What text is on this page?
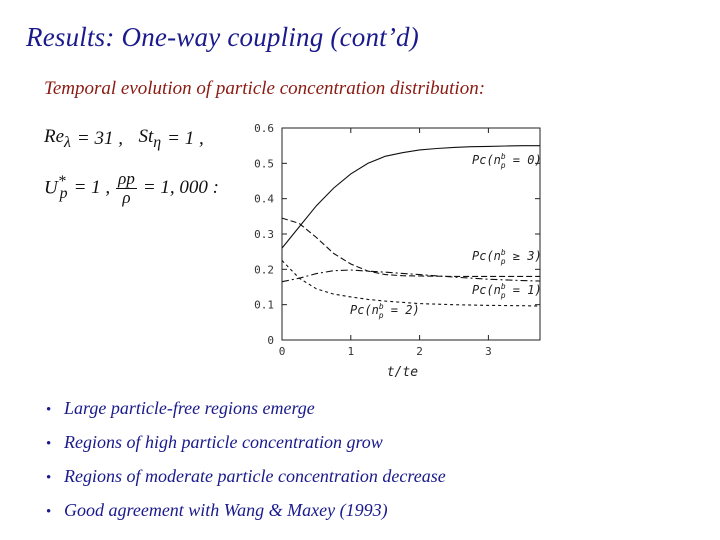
Results: One-way coupling (cont’d)

Temporal evolution of particle concentration distribution:

$Re_\lambda = 31$ , $St_\eta = 1$ ,
$U^*_p = 1$ , $\frac{\rho p}{\rho} = 1$, 000 :
0
0.1
0.2
0.3
0.4
0.5
0.6
0	1	2	3
t/te
$Pc(n^b$ p = 0)
$Pc(n^b$ p ≥ 3)
$Pc(n^b$ p = 1)
$Pc(n^b$ p = 2)
• Large particle-free regions emerge
• Regions of high particle concentration grow
• Regions of moderate particle concentration decrease
• Good agreement with Wang & Maxey (1993)
